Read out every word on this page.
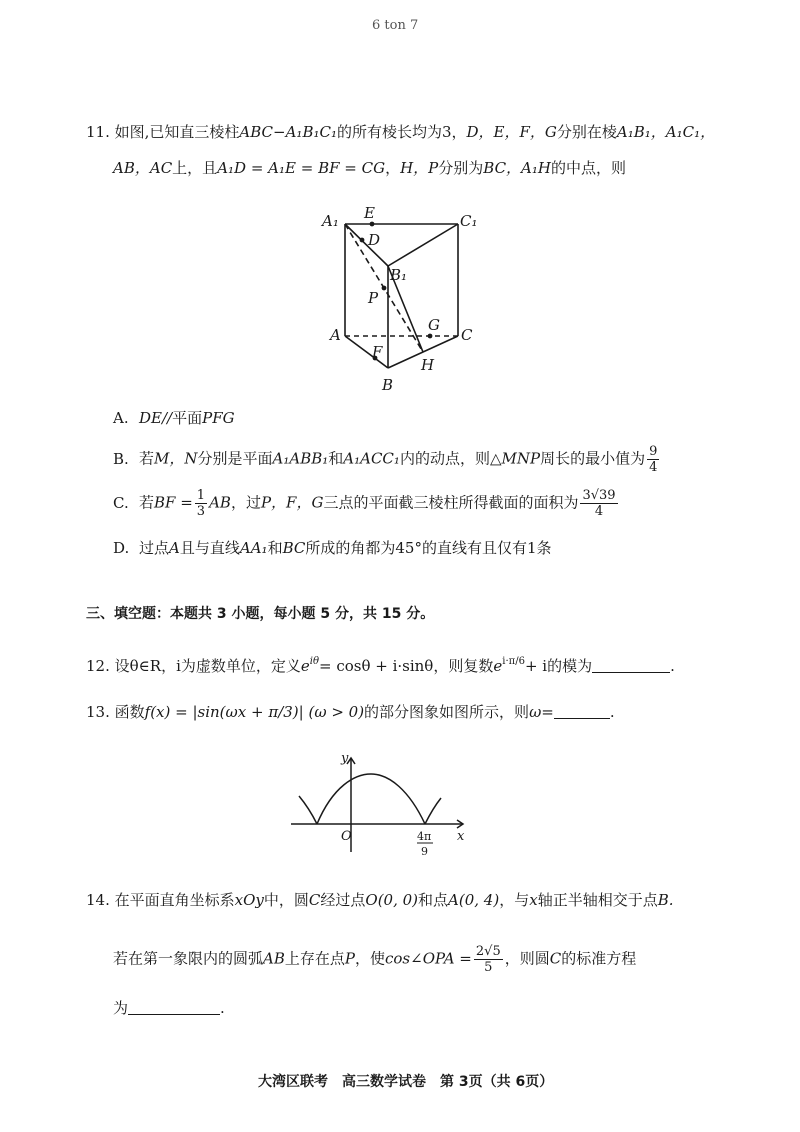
6 ton 7
11. 如图,已知直三棱柱ABC−A₁B₁C₁的所有棱长均为3，D，E，F，G分别在棱A₁B₁，A₁C₁，
AB，AC上，且A₁D = A₁E = BF = CG，H，P分别为BC，A₁H的中点，则
A₁ E	C₁
D
B₁
P
A
G
C
F
H
B
A. DE//平面PFG
B. 若M，N分别是平面A₁ABB₁和A₁ACC₁内的动点，则△MNP周长的最小值为 $\frac{9}{4}$
C. 若BF = $\frac{1}{3}$ AB，过P，F，G三点的平面截三棱柱所得截面的面积为 $\frac{3√39}{4}$
D. 过点A且与直线AA₁和BC所成的角都为45°的直线有且仅有1条
三、填空题：本题共 3 小题，每小题 5 分，共 15 分。
12. 设θ∈R，i为虚数单位，定义$e^{i\theta}= \cos\theta + i\cdot\sin\theta$，则复数$e^{i\cdot\pi/6}+ i$的模为	.
13. 函数f(x) = |sin(ωx + π/3)| (ω > 0)的部分图象如图所示，则ω=	.
y
x
O	4π
9
14. 在平面直角坐标系xOy中，圆C经过点O(0, 0)和点A(0, 4)，与x轴正半轴相交于点B.
若在第一象限内的圆弧AB上存在点P，使cos∠OPA = $\frac{2√5}{5}$ ，则圆C的标准方程
为	.
大湾区联考　高三数学试卷　第 3页（共 6页）
